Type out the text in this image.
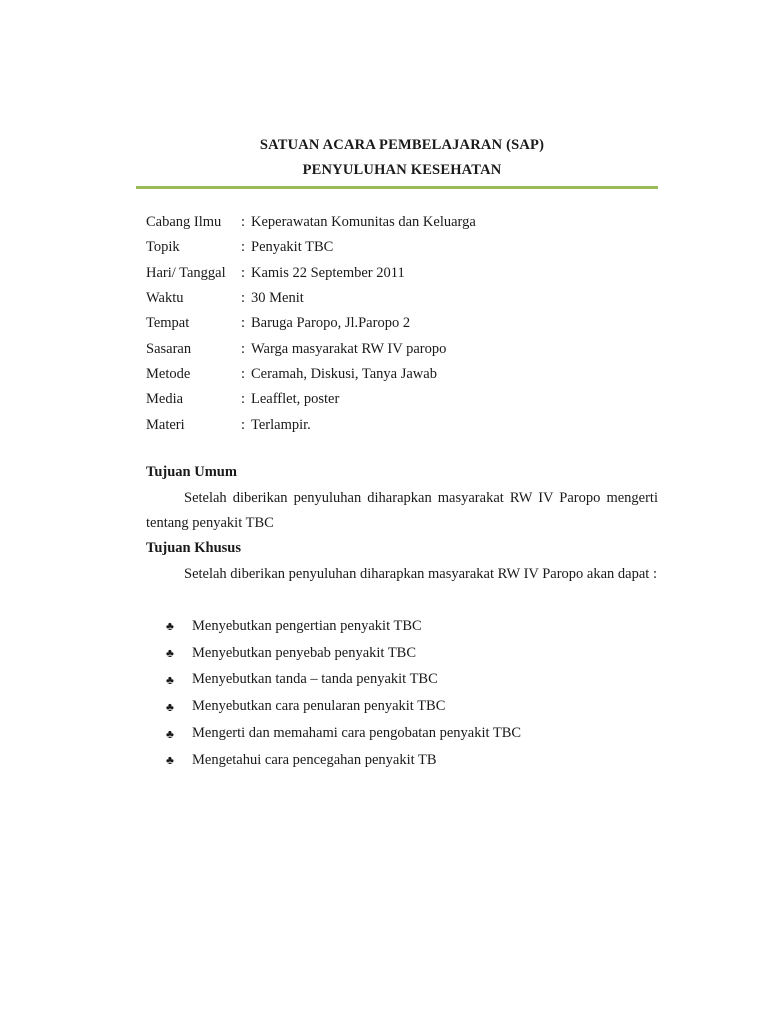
SATUAN ACARA PEMBELAJARAN (SAP)
PENYULUHAN KESEHATAN
Cabang Ilmu	: Keperawatan Komunitas dan Keluarga
Topik	: Penyakit TBC
Hari/ Tanggal	: Kamis 22 September 2011
Waktu	: 30 Menit
Tempat	: Baruga Paropo, Jl.Paropo 2
Sasaran	: Warga masyarakat RW IV paropo
Metode	: Ceramah, Diskusi, Tanya Jawab
Media	: Leafflet, poster
Materi	: Terlampir.
Tujuan Umum
Setelah diberikan penyuluhan diharapkan masyarakat RW IV Paropo mengerti tentang penyakit TBC
Tujuan Khusus
Setelah diberikan penyuluhan diharapkan masyarakat RW IV Paropo akan dapat :
♣	Menyebutkan pengertian penyakit TBC
♣	Menyebutkan penyebab penyakit TBC
♣	Menyebutkan tanda – tanda penyakit TBC
♣	Menyebutkan cara penularan penyakit TBC
♣	Mengerti dan memahami cara pengobatan penyakit TBC
♣	Mengetahui cara pencegahan penyakit TB
